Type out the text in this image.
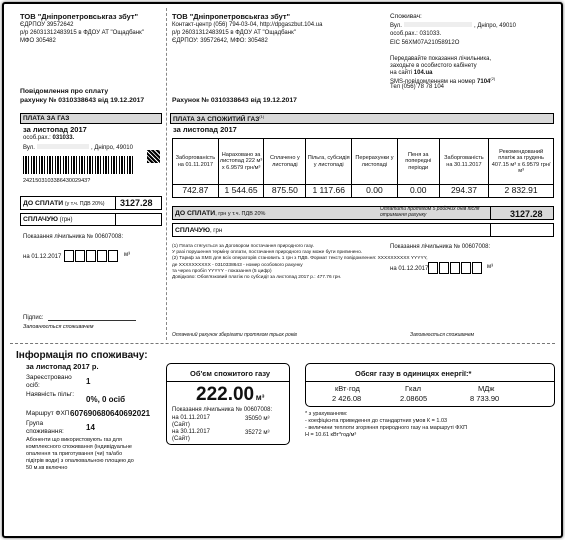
ТОВ "Дніпропетровськгаз збут"
ЄДРПОУ 39572642
р/р 26031312483915 в ФДОУ АТ "Ощадбанк"
МФО 305482
Повідомлення про сплату
рахунку № 0310338643 від 19.12.2017
ПЛАТА ЗА ГАЗ
за листопад 2017
особ.рах.: 031033.
Вул.	, Дніпро, 49010
242150310338643002943?
ДО СПЛАТИ (у т.ч. ПДВ 20%) 3127.28
СПЛАЧУЮ (грн)
Показання лічильника № 00607008:
на 01.12.2017	м³
Підпис:
Заповнюється споживачем
ТОВ "Дніпропетровськгаз збут"
Контакт-центр (056) 794-03-04, http://dpgaszbut.104.ua
р/р 26031312483915 в ФДОУ АТ "Ощадбанк"
ЄДРПОУ: 39572642, МФО: 305482
Споживач:
Вул.	, Дніпро, 49010
особ.рах.: 031033.
ЕІС 56ХМ07А21058912О
Передавайте показання лічильника,
заходьте в особистого кабінету
на сайті 104.ua
SMS-повідомленням на номер 7104$^{(2)}$
Тел (056) 78 78 104
Рахунок № 0310338643 від 19.12.2017
ПЛАТА ЗА СПОЖИТИЙ ГАЗ$^{(1)}$
за листопад 2017
Заборгованість на 01.11.2017	Нараховано за листопад 222 м³ x 6.9579 грн/м³	Сплачено у листопаді	Пільга, субсидія у листопаді	Перерахунки у листопаді	Пеня за попередні періоди	Заборгованість на 30.11.2017	Рекомендований платіж за грудень 407.15 м³ x 6.9579 грн/м³
742.87	1 544.65	875.50	1 117.66	0.00	0.00	294.37	2 832.91
ДО СПЛАТИ, грн у т.ч. ПДВ 20%
Оплатити протягом 5 робочих днів після отримання рахунку	3127.28
СПЛАЧУЮ, грн
(1) Плата стягується за Договором постачання природного газу.
У разі порушення терміну оплати, постачання природного газу може бути припинено.
(2) Тариф за SMS для всіх операторів становить 1 грн з ПДВ. Формат тексту повідомлення: XXXXXXXXXX YYYYY,
де XXXXXXXXXX - 0310338643 - номер особового рахунку
та через пробіл YYYYY - показання (5 цифр)
Довідково: Обов'язковий платіж по субсидії за листопад 2017 р.: 477.76 грн.
Показання лічильника № 00607008:
на 01.12.2017	м³
Оплачений рахунок зберігати протягом трьох років	Заповнюється споживачем
Інформація по споживачу:
за листопад 2017 р.
Зареєстровано осіб:	1
Наявність пільг:
0%, 0 осіб
Маршрут ФХП 607690680640692021
Група споживання:	14
Абоненти що використовують газ для комплексного споживання (індивідуальне опалення та приготування (чи) та/або підігрів води) з опалювальною площею до 50 м.кв включно
Об'єм спожитого газу
222.00 м³
Показання лічильника № 00607008:
на 01.11.2017 (Сайт)
35050 м³
на 30.11.2017 (Сайт)
35272 м³
Обсяг газу в одиницях енергії:*
кВт·год	Гкал	МДж
2 426.08	2.08605	8 733.90
* з урахуванням:
- коефіцієнта приведення до стандартних умов К = 1.03
- величини теплоти згоряння природного газу на маршруті ФХП
Н = 10.61 кВт*год/м³
